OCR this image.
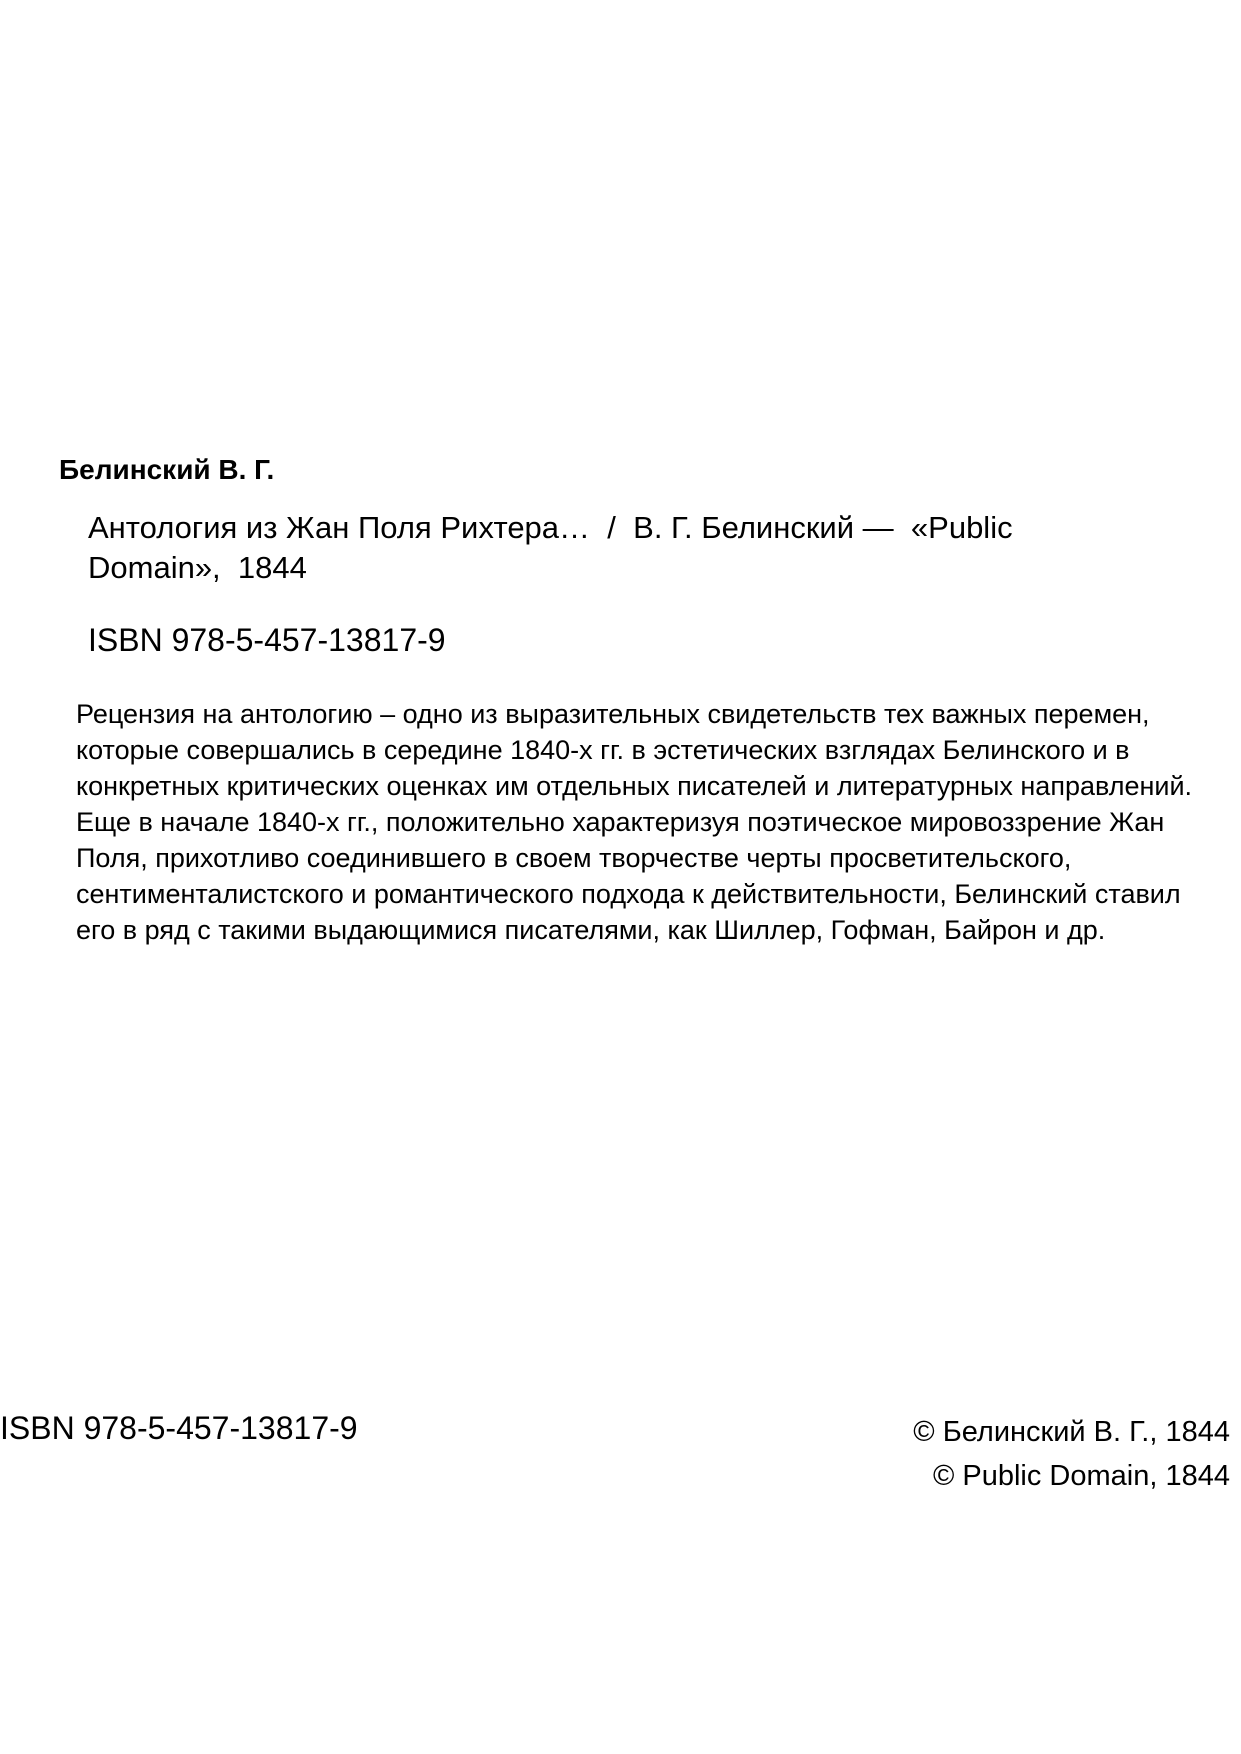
Белинский В. Г.
Антология из Жан Поля Рихтера… / В. Г. Белинский — «Public Domain», 1844
ISBN 978-5-457-13817-9

Рецензия на антологию – одно из выразительных свидетельств тех важных перемен, которые совершались в середине 1840-х гг. в эстетических взглядах Белинского и в конкретных критических оценках им отдельных писателей и литературных направлений. Еще в начале 1840-х гг., положительно характеризуя поэтическое мировоззрение Жан Поля, прихотливо соединившего в своем творчестве черты просветительского, сентименталистского и романтического подхода к действительности, Белинский ставил его в ряд с такими выдающимися писателями, как Шиллер, Гофман, Байрон и др.

ISBN 978-5-457-13817-9	© Белинский В. Г., 1844
© Public Domain, 1844
